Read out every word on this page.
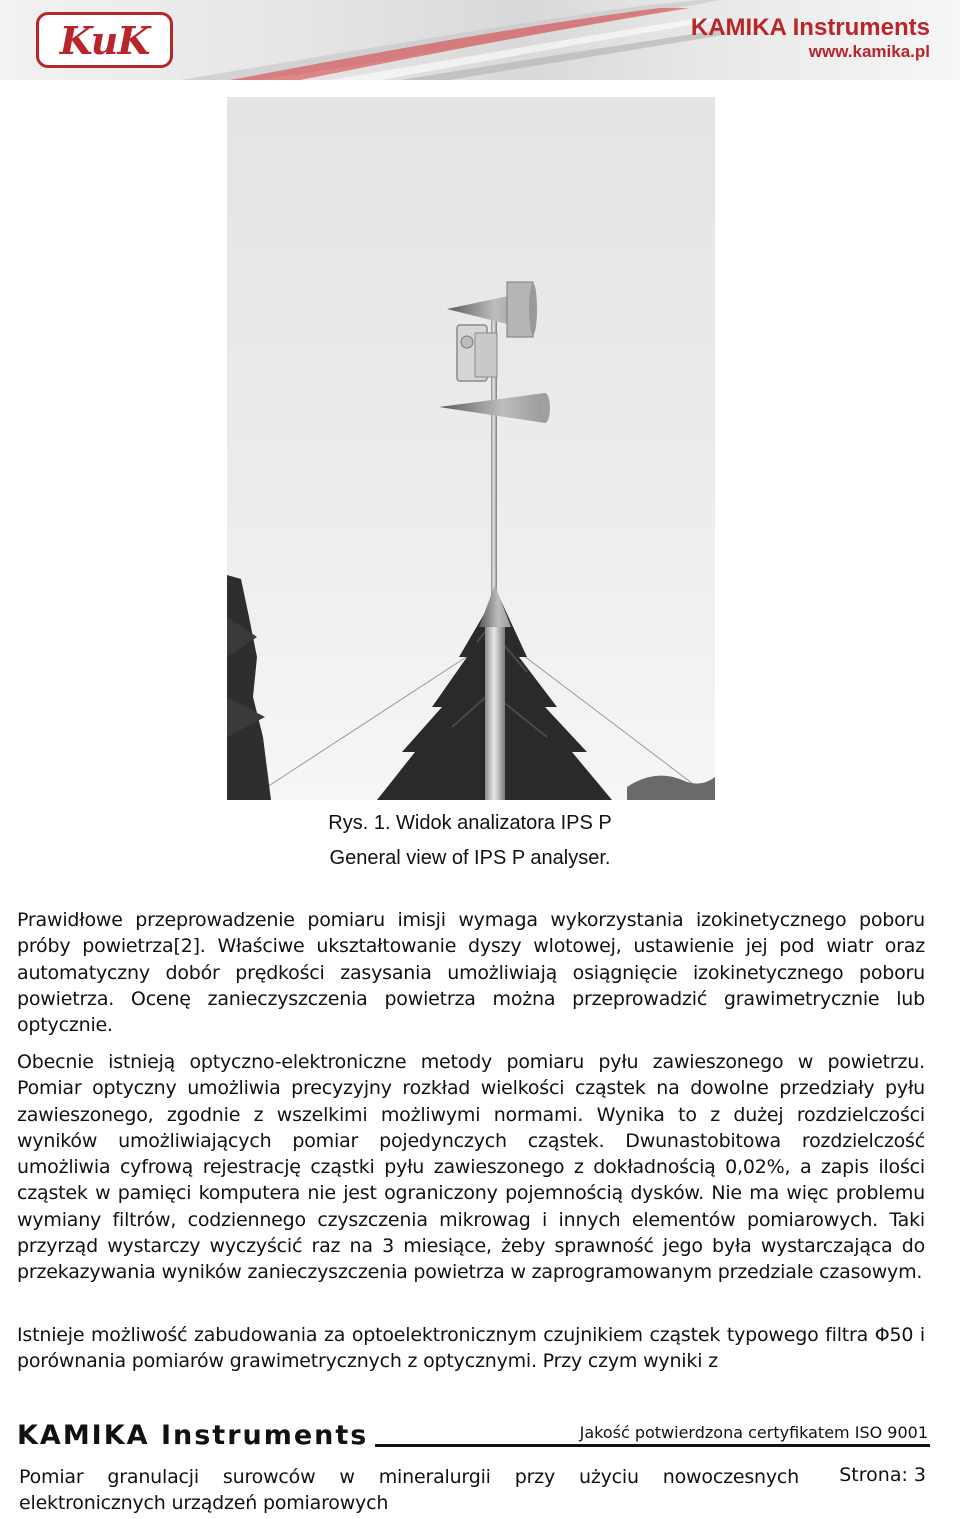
KuK	KAMIKA Instruments
www.kamika.pl
Rys. 1. Widok analizatora IPS P
General view of IPS P analyser.

Prawidłowe przeprowadzenie pomiaru imisji wymaga wykorzystania izokinetycznego poboru próby powietrza[2]. Właściwe ukształtowanie dyszy wlotowej, ustawienie jej pod wiatr oraz automatyczny dobór prędkości zasysania umożliwiają osiągnięcie izokinetycznego poboru powietrza. Ocenę zanieczyszczenia powietrza można przeprowadzić grawimetrycznie lub optycznie.

Obecnie istnieją optyczno-elektroniczne metody pomiaru pyłu zawieszonego w powietrzu. Pomiar optyczny umożliwia precyzyjny rozkład wielkości cząstek na dowolne przedziały pyłu zawieszonego, zgodnie z wszelkimi możliwymi normami. Wynika to z dużej rozdzielczości wyników umożliwiających pomiar pojedynczych cząstek. Dwunastobitowa rozdzielczość umożliwia cyfrową rejestrację cząstki pyłu zawieszonego z dokładnością 0,02%, a zapis ilości cząstek w pamięci komputera nie jest ograniczony pojemnością dysków. Nie ma więc problemu wymiany filtrów, codziennego czyszczenia mikrowag i innych elementów pomiarowych. Taki przyrząd wystarczy wyczyścić raz na 3 miesiące, żeby sprawność jego była wystarczająca do przekazywania wyników zanieczyszczenia powietrza w zaprogramowanym przedziale czasowym.

Istnieje możliwość zabudowania za optoelektronicznym czujnikiem cząstek typowego filtra Φ50 i porównania pomiarów grawimetrycznych z optycznymi. Przy czym wyniki z

KAMIKA Instruments	Jakość potwierdzona certyfikatem ISO 9001
Pomiar granulacji surowców w mineralurgii przy użyciu nowoczesnych elektronicznych urządzeń pomiarowych
Strona: 3
